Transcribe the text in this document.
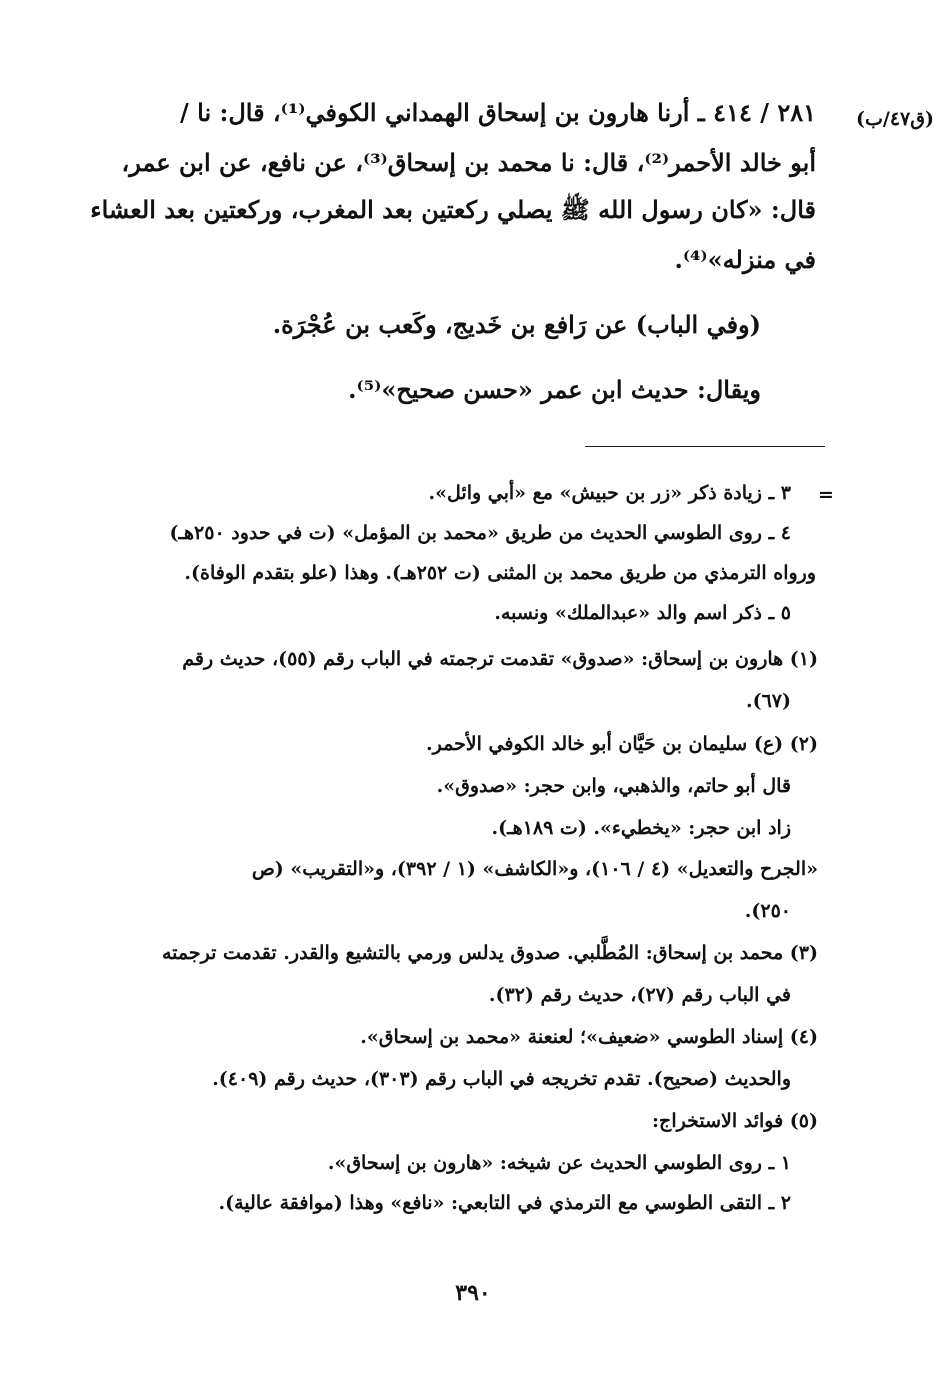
(ق٤٧/ب)
٢٨١ / ٤١٤ ـ أرنا هارون بن إسحاق الهمداني الكوفي⁽¹⁾، قال: نا /
أبو خالد الأحمر⁽²⁾، قال: نا محمد بن إسحاق⁽³⁾، عن نافع، عن ابن عمر،
قال: «كان رسول الله ﷺ يصلي ركعتين بعد المغرب، وركعتين بعد العشاء
في منزله»⁽⁴⁾.
(وفي الباب) عن رَافع بن خَديج، وكَعب بن عُجْرَة.
ويقال: حديث ابن عمر «حسن صحيح»⁽⁵⁾.
=
٣ ـ زيادة ذكر «زر بن حبيش» مع «أبي وائل».
٤ ـ روى الطوسي الحديث من طريق «محمد بن المؤمل» (ت في حدود ٢٥٠هـ)
ورواه الترمذي من طريق محمد بن المثنى (ت ٢٥٢هـ). وهذا (علو بتقدم الوفاة).
٥ ـ ذكر اسم والد «عبدالملك» ونسبه.
(١) هارون بن إسحاق: «صدوق» تقدمت ترجمته في الباب رقم (٥٥)، حديث رقم
(٦٧).
(٢) (ع) سليمان بن حَيَّان أبو خالد الكوفي الأحمر.
قال أبو حاتم، والذهبي، وابن حجر: «صدوق».
زاد ابن حجر: «يخطيء». (ت ١٨٩هـ).
«الجرح والتعديل» (٤ / ١٠٦)، و«الكاشف» (١ / ٣٩٢)، و«التقريب» (ص
٢٥٠).
(٣) محمد بن إسحاق: المُطَّلبي. صدوق يدلس ورمي بالتشيع والقدر. تقدمت ترجمته
في الباب رقم (٢٧)، حديث رقم (٣٢).
(٤) إسناد الطوسي «ضعيف»؛ لعنعنة «محمد بن إسحاق».
والحديث (صحيح). تقدم تخريجه في الباب رقم (٣٠٣)، حديث رقم (٤٠٩).
(٥) فوائد الاستخراج:
١ ـ روى الطوسي الحديث عن شيخه: «هارون بن إسحاق».
٢ ـ التقى الطوسي مع الترمذي في التابعي: «نافع» وهذا (موافقة عالية).
٣٩٠
